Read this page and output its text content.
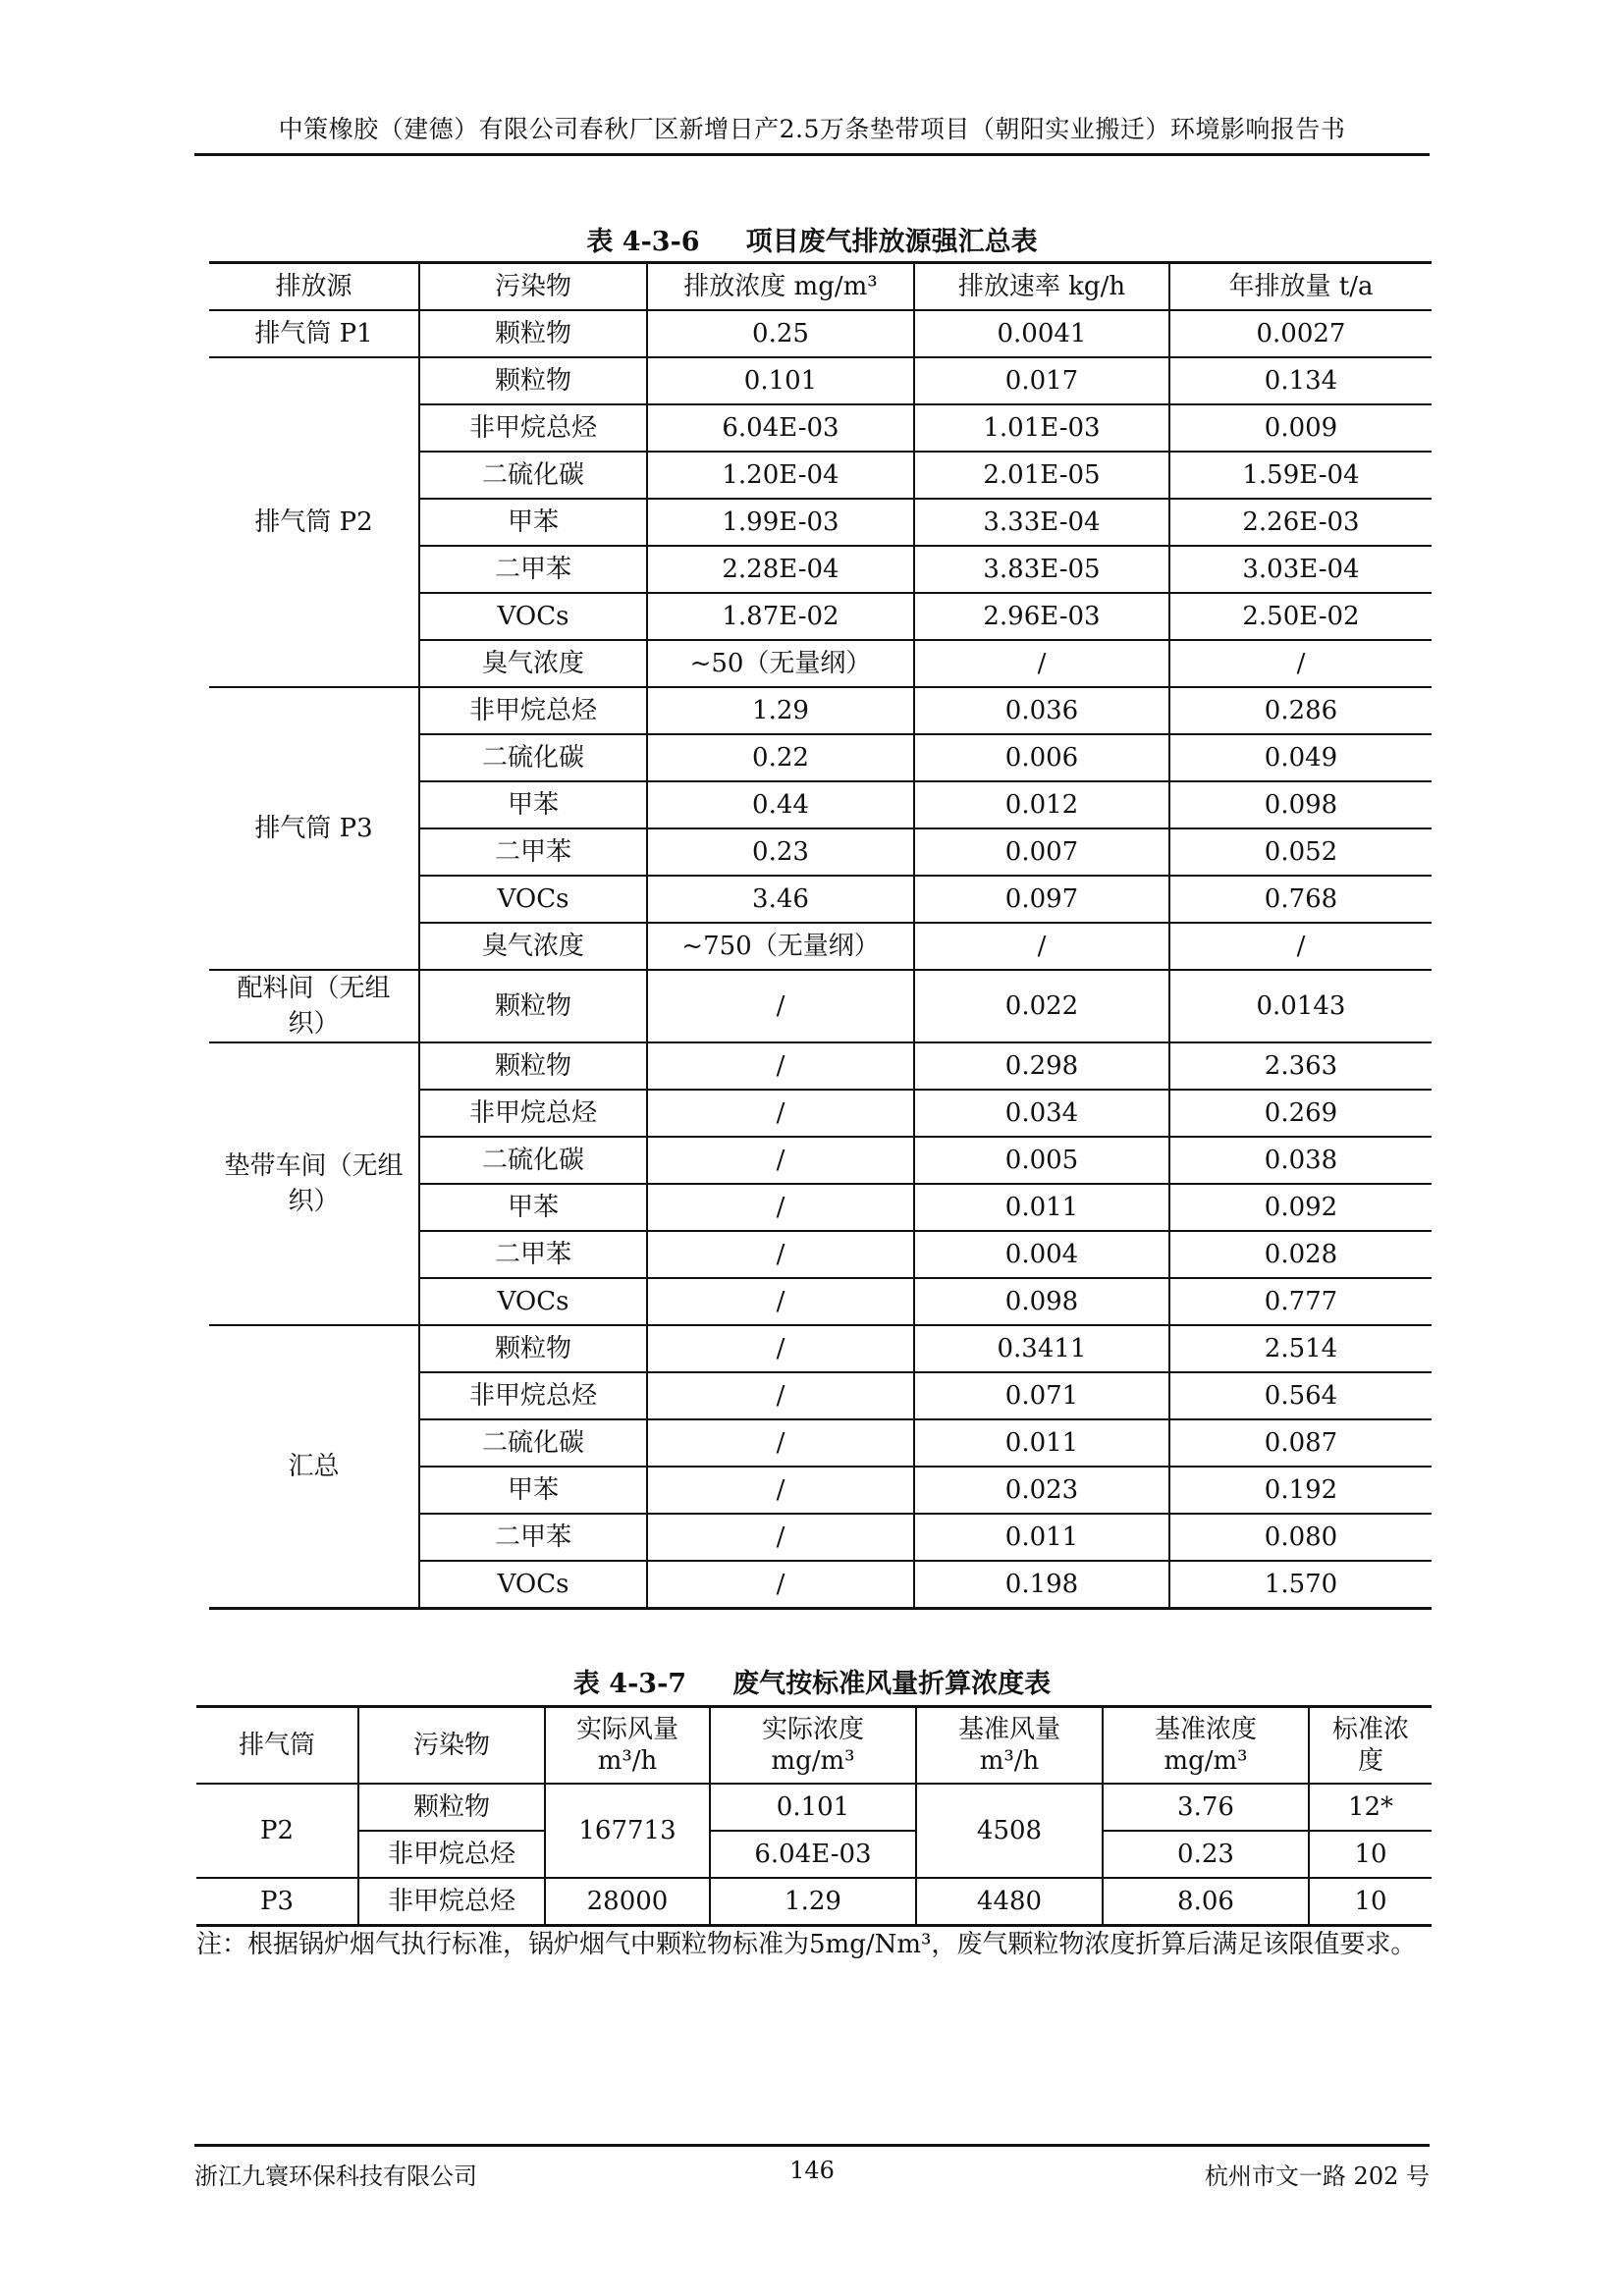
中策橡胶（建德）有限公司春秋厂区新增日产2.5万条垫带项目（朝阳实业搬迁）环境影响报告书
表 4-3-6     项目废气排放源强汇总表
排放源	污染物	排放浓度 mg/m³	排放速率 kg/h	年排放量 t/a
排气筒 P1	颗粒物	0.25	0.0041	0.0027
排气筒 P2	颗粒物	0.101	0.017	0.134
	非甲烷总烃	6.04E-03	1.01E-03	0.009
	二硫化碳	1.20E-04	2.01E-05	1.59E-04
	甲苯	1.99E-03	3.33E-04	2.26E-03
	二甲苯	2.28E-04	3.83E-05	3.03E-04
	VOCs	1.87E-02	2.96E-03	2.50E-02
	臭气浓度	~50（无量纲）	/	/
排气筒 P3	非甲烷总烃	1.29	0.036	0.286
	二硫化碳	0.22	0.006	0.049
	甲苯	0.44	0.012	0.098
	二甲苯	0.23	0.007	0.052
	VOCs	3.46	0.097	0.768
	臭气浓度	~750（无量纲）	/	/
配料间（无组织）	颗粒物	/	0.022	0.0143
垫带车间（无组织）	颗粒物	/	0.298	2.363
	非甲烷总烃	/	0.034	0.269
	二硫化碳	/	0.005	0.038
	甲苯	/	0.011	0.092
	二甲苯	/	0.004	0.028
	VOCs	/	0.098	0.777
汇总	颗粒物	/	0.3411	2.514
	非甲烷总烃	/	0.071	0.564
	二硫化碳	/	0.011	0.087
	甲苯	/	0.023	0.192
	二甲苯	/	0.011	0.080
	VOCs	/	0.198	1.570
表 4-3-7     废气按标准风量折算浓度表
排气筒	污染物	实际风量 m³/h	实际浓度 mg/m³	基准风量 m³/h	基准浓度 mg/m³	标准浓度
P2	颗粒物	167713	0.101	4508	3.76	12*
	非甲烷总烃		6.04E-03		0.23	10
P3	非甲烷总烃	28000	1.29	4480	8.06	10
注：根据锅炉烟气执行标准，锅炉烟气中颗粒物标准为5mg/Nm³，废气颗粒物浓度折算后满足该限值要求。
浙江九寰环保科技有限公司	146	杭州市文一路 202 号
